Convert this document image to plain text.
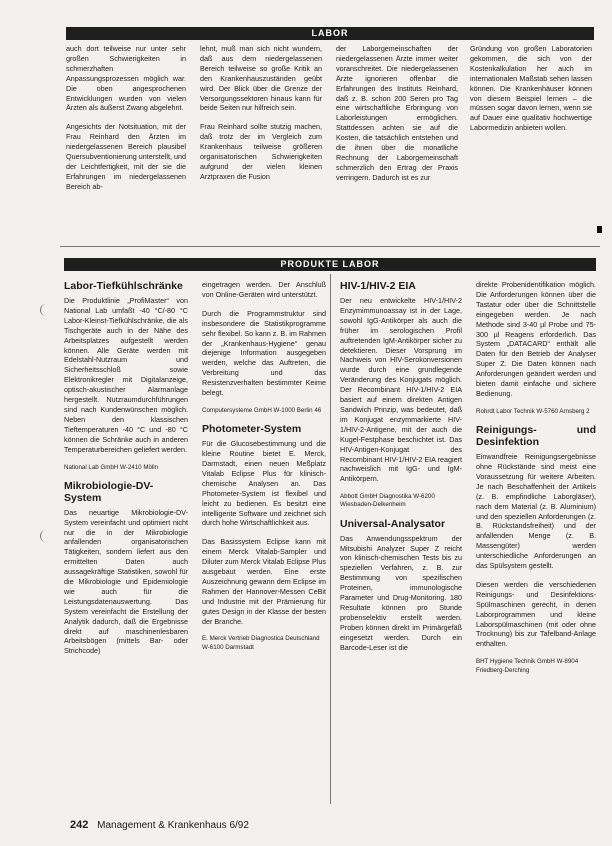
LABOR

auch dort teilweise nur unter sehr großen Schwierigkeiten in schmerzhaften Anpassungsprozessen möglich war. Die oben angesprochenen Entwicklungen wurden von vielen Ärzten als äußerst Zwang abgelehnt.

Angesichts der Notsituation, mit der Frau Reinhard den Ärzten im niedergelassenen Bereich plausibel Quersubventionierung unterstellt, und der Leichtfertigkeit, mit der sie die Erfahrungen im niedergelassenen Bereich ab-

lehnt, muß man sich nicht wundern, daß aus dem niedergelassenen Bereich teilweise so große Kritik an den Krankenhauszuständen geübt wird. Der Blick über die Grenze der Versorgungssektoren hinaus kann für beide Seiten nur hilfreich sein.

Frau Reinhard sollte stutzig machen, daß trotz der im Vergleich zum Krankenhaus teilweise größeren organisatorischen Schwierigkeiten aufgrund der vielen kleinen Arztpraxen die Fusion

der Laborgemeinschaften der niedergelassenen Ärzte immer weiter voranschreitet. Die niedergelassenen Ärzte ignorieren offenbar die Erfahrungen des Instituts Reinhard, daß z. B. schon 200 Seren pro Tag eine wirtschaftliche Erbringung von Laborleistungen ermöglichen. Stattdessen achten sie auf die Kosten, die tatsächlich entstehen und die ihnen über die monatliche Rechnung der Laborgemeinschaft schmerzlich den Ertrag der Praxis verringern. Dadurch ist es zur

Gründung von großen Laboratorien gekommen, die sich von der Kostenkalkulation her auch im internationalen Maßstab sehen lassen können. Die Krankenhäuser können von diesem Beispiel lernen – die müssen sogar davon lernen, wenn sie auf Dauer eine qualitativ hochwertige Labormedizin anbieten wollen.

PRODUKTE LABOR
Labor-Tiefkühlschränke

Die Produktlinie „ProfiMaster“ von National Lab umfaßt -40 °C/-80 °C Labor-Kleinst-Tiefkühlschränke, die als Tischgeräte auch in der Nähe des Arbeitsplatzes aufgestellt werden können. Alle Geräte werden mit Edelstahl-Nutzraum und Sicherheitsschloß sowie Elektronikregler mit Digitalanzeige, optisch-akustischer Alarmanlage hergestellt. Nutzraumdurchführungen sind nach Kundenwünschen möglich. Neben den klassischen Tieftemperaturen -40 °C und -80 °C können die Schränke auch in anderen Temperaturbereichen geliefert werden.

National Lab GmbH W-2410 Mölln

Mikrobiologie-DV-System

Das neuartige Mikrobiologie-DV-System vereinfacht und optimiert nicht nur die in der Mikrobiologie anfallenden organisatorischen Tätigkeiten, sondern liefert aus den ermittelten Daten auch aussagekräftige Statistiken, sowohl für die Mikrobiologie und Epidemiologie wie auch für die Leistungsdatenauswertung. Das System vereinfacht die Erstellung der Analytik dadurch, daß die Ergebnisse direkt auf maschinenlesbaren Arbeitsbögen (mittels Bar- oder Strichcode)

eingetragen werden. Der Anschluß von Online-Geräten wird unterstützt.

Durch die Programmstruktur sind insbesondere die Statistikprogramme sehr flexibel. So kann z. B. im Rahmen der „Krankenhaus-Hygiene“ genau diejenige Information ausgegeben werden, welche das Auftreten, die Verbreitung und das Resistenzverhalten bestimmter Keime belegt.

Computersysteme GmbH W-1000 Berlin 46

Photometer-System

Für die Glucosebestimmung und die kleine Routine bietet E. Merck, Darmstadt, einen neuen Meßplatz Vitalab Eclipse Plus für klinisch-chemische Analysen an. Das Photometer-System ist flexibel und leicht zu bedienen. Es besitzt eine intelligente Software und zeichnet sich durch hohe Wirtschaftlichkeit aus.

Das Basissystem Eclipse kann mit einem Merck Vitalab-Sampler und Diluter zum Merck Vitalab Eclipse Plus ausgebaut werden. Eine erste Auszeichnung gewann dem Eclipse im Rahmen der Hannover-Messen CeBit und Industrie mit der Prämierung für gutes Design in der Klasse der besten der Branche.

E. Merck Vertrieb Diagnostica Deutschland W-6100 Darmstadt

HIV-1/HIV-2 EIA

Der neu entwickelte HIV-1/HIV-2 Enzymimmunoassay ist in der Lage, sowohl IgG-Antikörper als auch die früher im serologischen Profil auftretenden IgM-Antikörper sicher zu detektieren. Dieser Vorsprung im Nachweis von HIV-Serokonversionen wurde durch eine grundlegende Veränderung des Konjugats möglich. Der Recombinant HIV-1/HIV-2 EIA basiert auf einem direkten Antigen Sandwich Prinzip, was bedeutet, daß im Konjugat enzymmarkierte HIV-1/HIV-2-Antigene, mit der auch die Kugel-Festphase beschichtet ist. Das HIV-Antigen-Konjugat des Recombinant HIV-1/HIV-2 EIA reagiert nachweislich mit IgG- und IgM-Antikörpern.

Abbott GmbH Diagnostika W-6200 Wiesbaden-Delkenheim

Universal-Analysator

Das Anwendungsspektrum der Mitsubishi Analyzer Super Z reicht von klinisch-chemischen Tests bis zu speziellen Verfahren, z. B. zur Bestimmung von spezifischen Proteinen, immunologische Parameter und Drug-Monitoring. 180 Resultate können pro Stunde probenselektiv erstellt werden. Proben können direkt im Primärgefäß eingesetzt werden. Durch ein Barcode-Leser ist die

direkte Probenidentifikation möglich. Die Anforderungen können über die Tastatur oder über die Schnittstelle eingegeben werden. Je nach Methode sind 3-40 µl Probe und 75-300 µl Reagens erforderlich. Das System „DATACARD“ enthält alle Daten für den Betrieb der Analyser Super Z. Die Daten können nach Anforderungen geändert werden und bieten damit einfache und sichere Bedienung.

Rohrdt Labor Technik W-5760 Arnsberg 2

Reinigungs- und Desinfektion

Einwandfreie Reinigungsergebnisse ohne Rückstände sind meist eine Voraussetzung für weitere Arbeiten. Je nach Beschaffenheit der Artikels (z. B. empfindliche Laborgläser), nach dem Material (z. B. Aluminium) und den speziellen Anforderungen (z. B. Rückstandsfreiheit) und der anfallenden Menge (z. B. Massengüter) werden unterschiedliche Anforderungen an das Spülsystem gestellt.

Diesen werden die verschiedenen Reinigungs- und Desinfektions-Spülmaschinen gerecht, in denen Laborprogrammen und kleine Laborspülmaschinen (mit oder ohne Trocknung) bis zur Tafelband-Anlage enthalten.

BHT Hygiene Technik GmbH W-8904 Friedberg-Derching

242 Management & Krankenhaus 6/92
